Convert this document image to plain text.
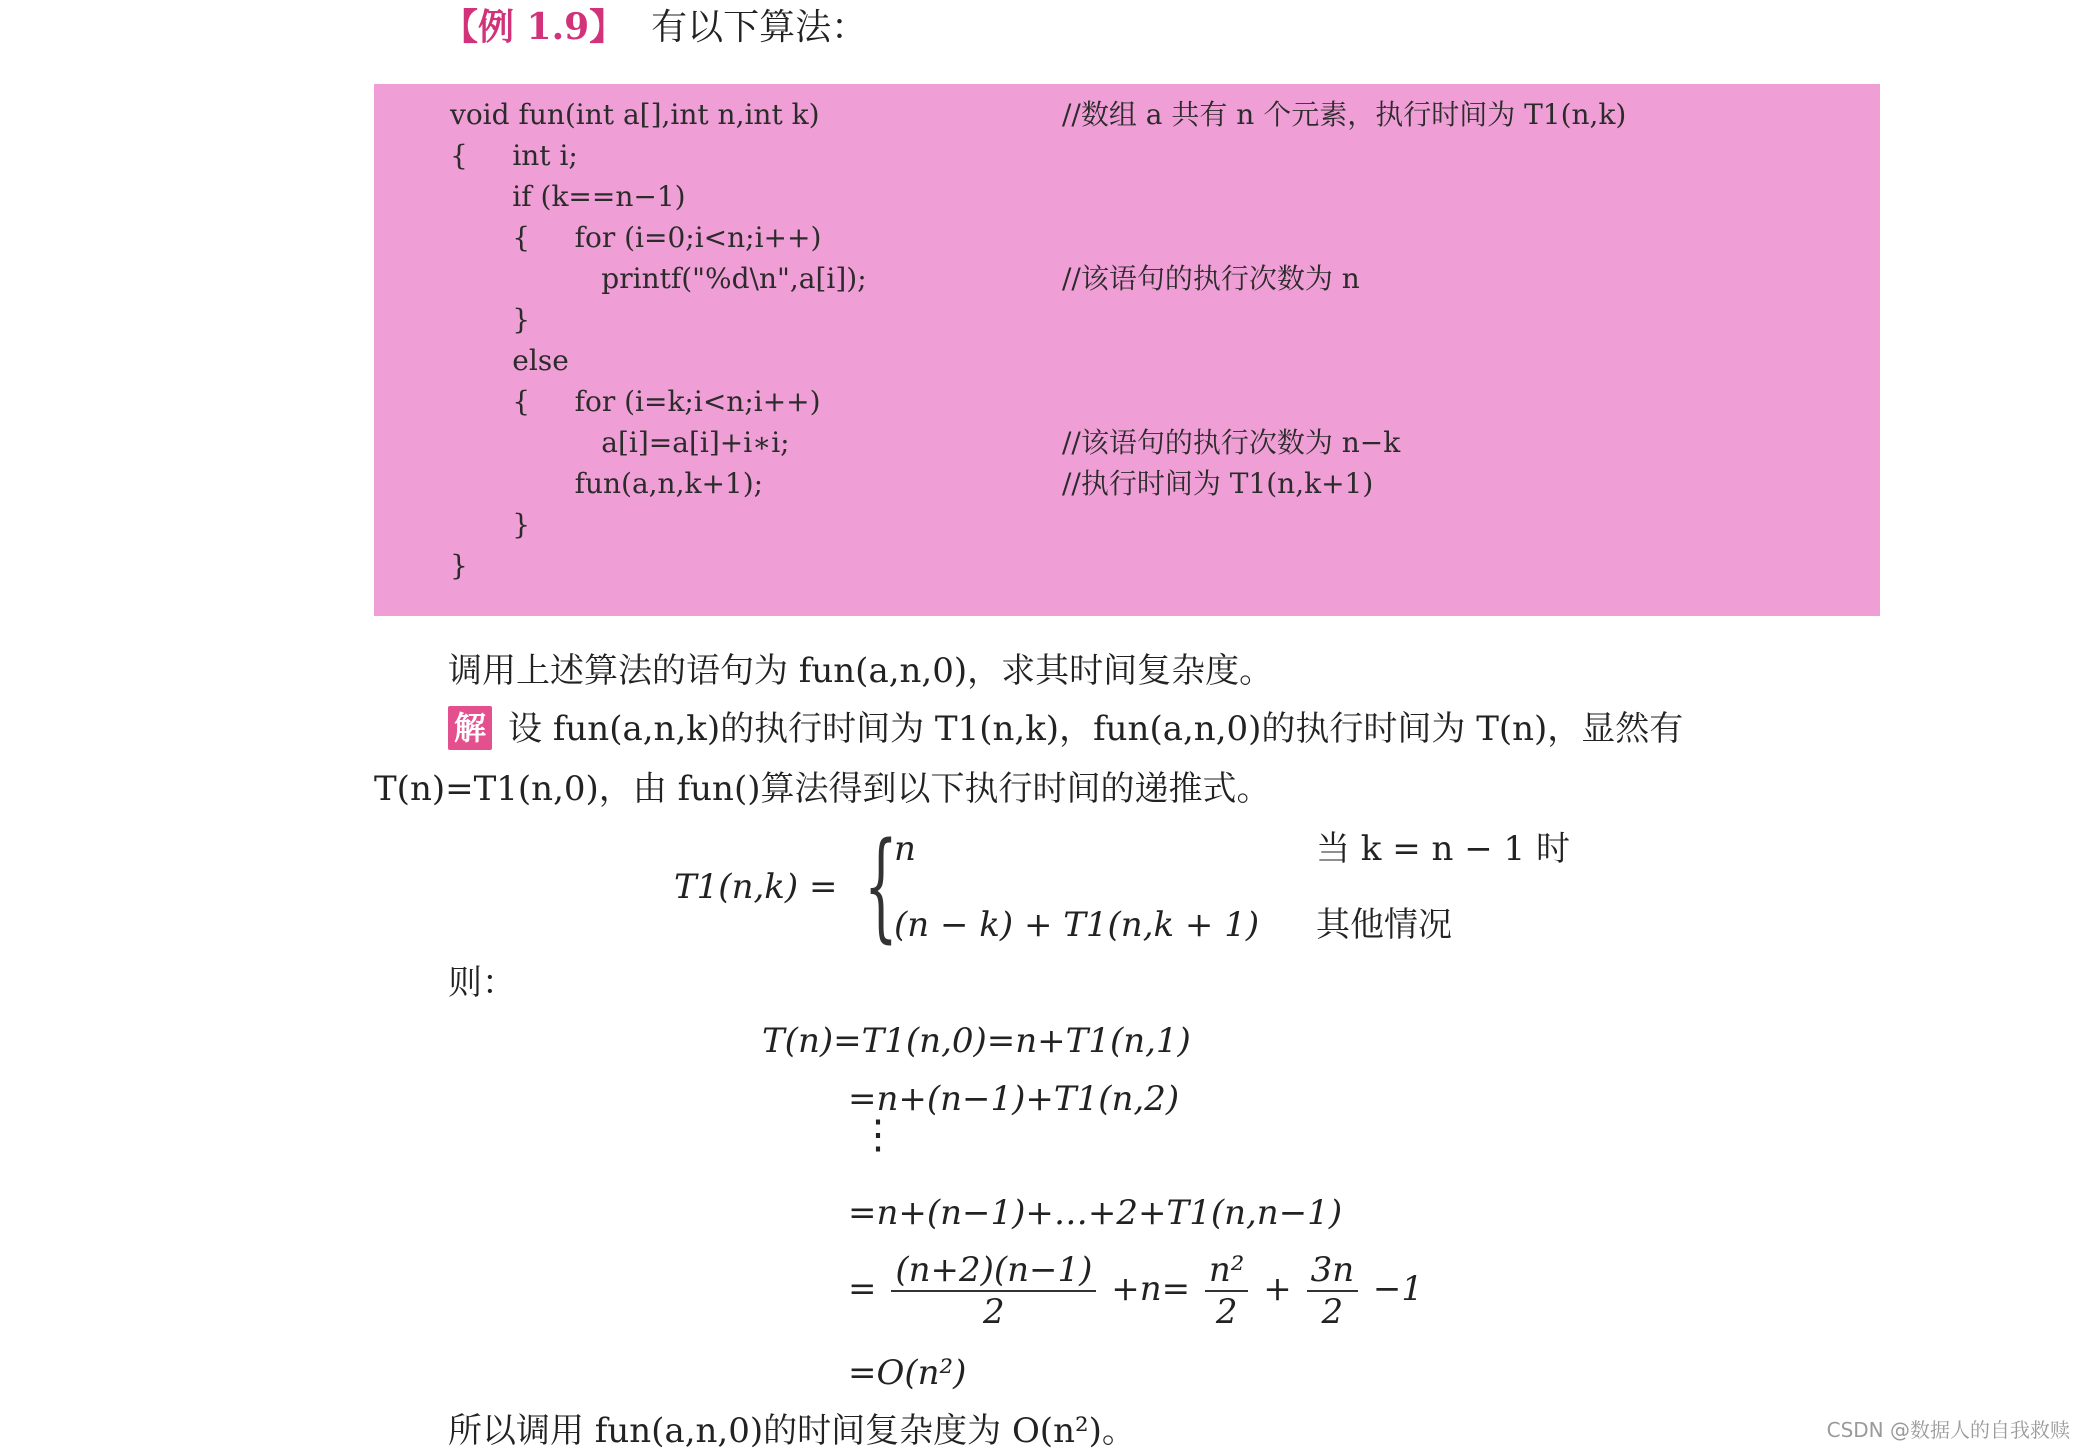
【例 1.9】 有以下算法：
void fun(int a[],int n,int k)	//数组 a 共有 n 个元素，执行时间为 T1(n,k)
{     int i;
if (k==n−1)
{     for (i=0;i<n;i++)
printf("%d\n",a[i]);	//该语句的执行次数为 n
}
else
{     for (i=k;i<n;i++)
a[i]=a[i]+i∗i;	//该语句的执行次数为 n−k
fun(a,n,k+1);	//执行时间为 T1(n,k+1)
}
}
调用上述算法的语句为 fun(a,n,0)，求其时间复杂度。
解 设 fun(a,n,k)的执行时间为 T1(n,k)，fun(a,n,0)的执行时间为 T(n)，显然有
T(n)=T1(n,0)，由 fun()算法得到以下执行时间的递推式。
T1(n,k) = {
n	当 k = n − 1 时
(n − k) + T1(n,k + 1) 其他情况
则：
T(n)=T1(n,0)=n+T1(n,1)
=n+(n−1)+T1(n,2)
⋮
=n+(n−1)+…+2+T1(n,n−1)
= $\frac{(n+2)(n-1)}{2} +n= \frac{\text{n²}}{2} + \frac{3n}{2} -1$
=O(n²)
所以调用 fun(a,n,0)的时间复杂度为 O(n²)。	CSDN @数据人的自我救赎
